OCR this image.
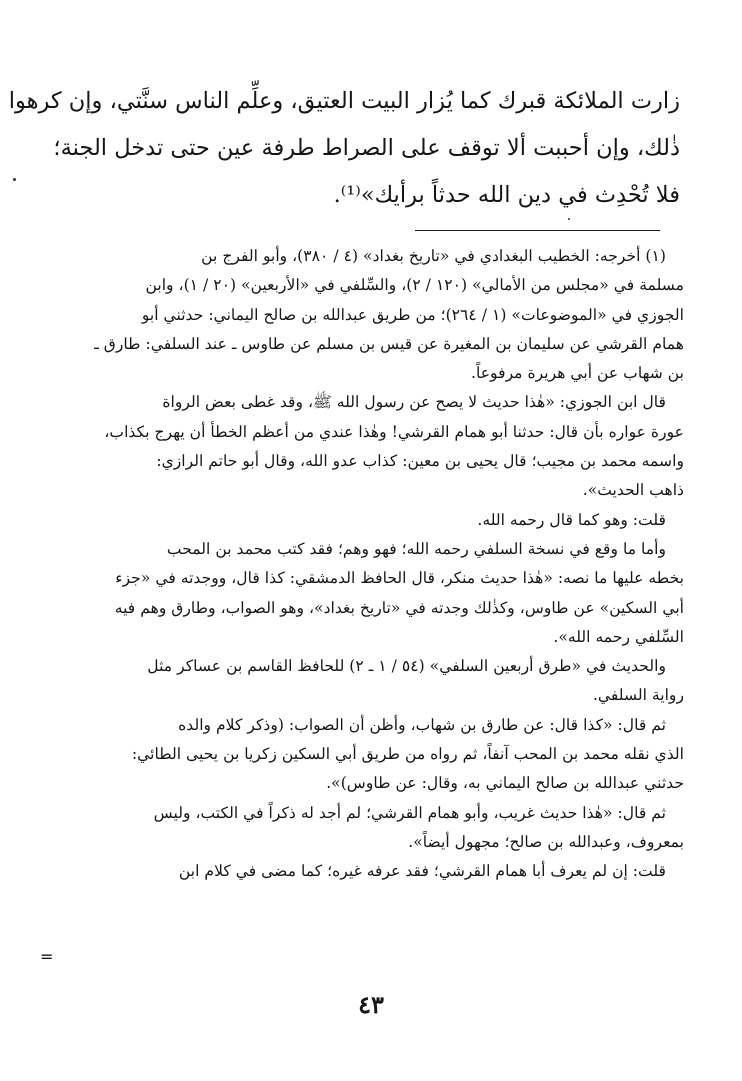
زارت الملائكة قبرك كما يُزار البيت العتيق، وعلِّم الناس سنَّتي، وإن كرهوا
ذٰلك، وإن أحببت ألا توقف على الصراط طرفة عين حتى تدخل الجنة؛
فلا تُحْدِث في دين الله حدثاً برأيك»⁽¹⁾.
(١) أخرجه: الخطيب البغدادي في «تاريخ بغداد» (٤ / ٣٨٠)، وأبو الفرج بن
مسلمة في «مجلس من الأمالي» (١٢٠ / ٢)، والسِّلفي في «الأربعين» (٢٠ / ١)، وابن
الجوزي في «الموضوعات» (١ / ٢٦٤)؛ من طريق عبدالله بن صالح اليماني: حدثني أبو
همام القرشي عن سليمان بن المغيرة عن قيس بن مسلم عن طاوس ـ عند السلفي: طارق ـ
بن شهاب عن أبي هريرة مرفوعاً.
قال ابن الجوزي: «هٰذا حديث لا يصح عن رسول الله ﷺ، وقد غطى بعض الرواة
عورة عواره بأن قال: حدثنا أبو همام القرشي! وهٰذا عندي من أعظم الخطأ أن يهرج بكذاب،
واسمه محمد بن مجيب؛ قال يحيى بن معين: كذاب عدو الله، وقال أبو حاتم الرازي:
ذاهب الحديث».
قلت: وهو كما قال رحمه الله.
وأما ما وقع في نسخة السلفي رحمه الله؛ فهو وهم؛ فقد كتب محمد بن المحب
بخطه عليها ما نصه: «هٰذا حديث منكر، قال الحافظ الدمشقي: كذا قال، ووجدته في «جزء
أبي السكين» عن طاوس، وكذٰلك وجدته في «تاريخ بغداد»، وهو الصواب، وطارق وهم فيه
السِّلفي رحمه الله».
والحديث في «طرق أربعين السلفي» (٥٤ / ١ ـ ٢) للحافظ القاسم بن عساكر مثل
رواية السلفي.
ثم قال: «كذا قال: عن طارق بن شهاب، وأظن أن الصواب: (وذكر كلام والده
الذي نقله محمد بن المحب آنفاً، ثم رواه من طريق أبي السكين زكريا بن يحيى الطائي:
حدثني عبدالله بن صالح اليماني به، وقال: عن طاوس)».
ثم قال: «هٰذا حديث غريب، وأبو همام القرشي؛ لم أجد له ذكراً في الكتب، وليس
بمعروف، وعبدالله بن صالح؛ مجهول أيضاً».
قلت: إن لم يعرف أبا همام القرشي؛ فقد عرفه غيره؛ كما مضى في كلام ابن
=
٤٣
